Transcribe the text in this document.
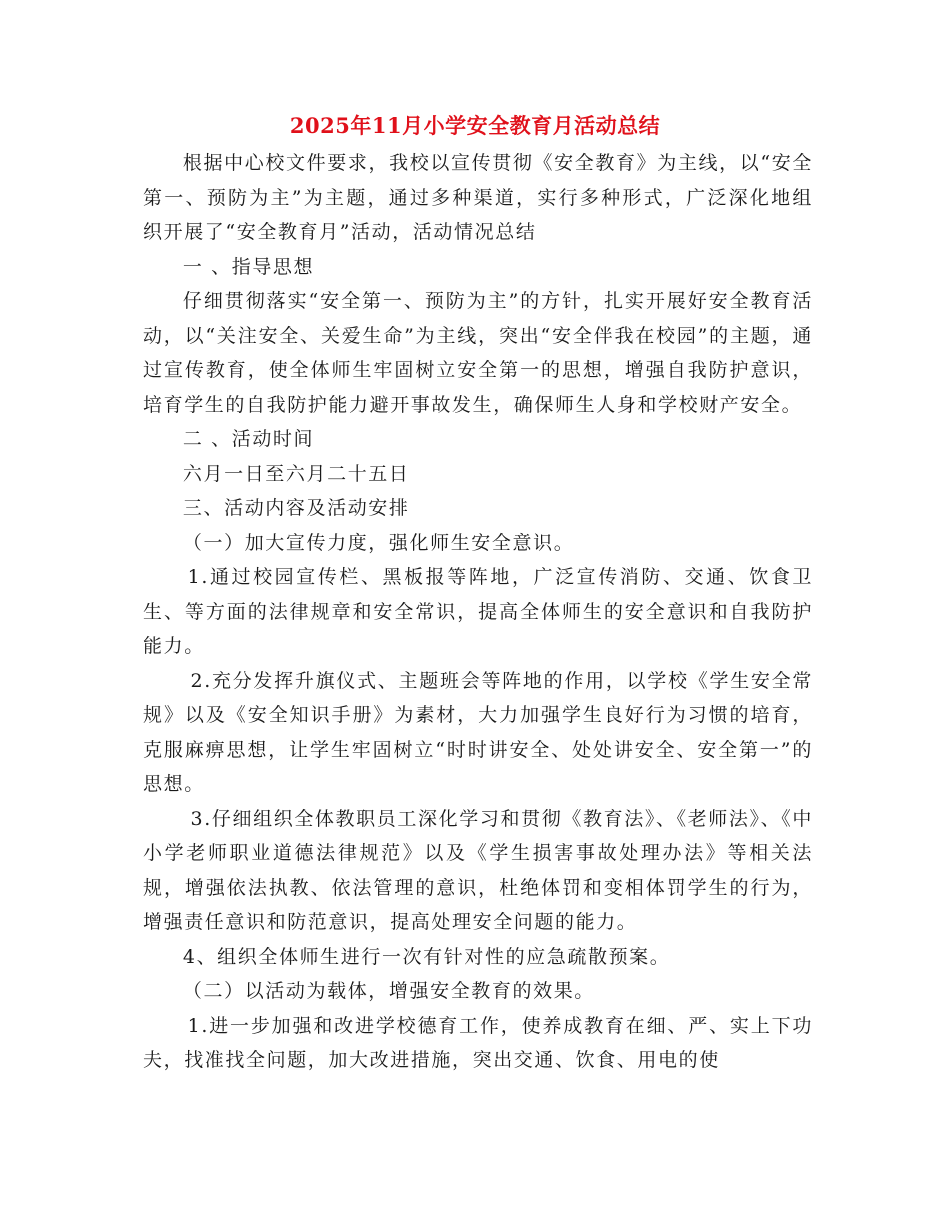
2025年11月小学安全教育月活动总结

根据中心校文件要求，我校以宣传贯彻《安全教育》为主线，以“安全第一、预防为主”为主题，通过多种渠道，实行多种形式，广泛深化地组织开展了“安全教育月”活动，活动情况总结

一 、指导思想

仔细贯彻落实“安全第一、预防为主”的方针，扎实开展好安全教育活动，以“关注安全、关爱生命”为主线，突出“安全伴我在校园”的主题，通过宣传教育，使全体师生牢固树立安全第一的思想，增强自我防护意识，培育学生的自我防护能力避开事故发生，确保师生人身和学校财产安全。

二 、活动时间

六月一日至六月二十五日

三、活动内容及活动安排

（一）加大宣传力度，强化师生安全意识。

1.通过校园宣传栏、黑板报等阵地，广泛宣传消防、交通、饮食卫生、等方面的法律规章和安全常识，提高全体师生的安全意识和自我防护能力。

2.充分发挥升旗仪式、主题班会等阵地的作用，以学校《学生安全常规》以及《安全知识手册》为素材，大力加强学生良好行为习惯的培育，克服麻痹思想，让学生牢固树立“时时讲安全、处处讲安全、安全第一”的思想。

3.仔细组织全体教职员工深化学习和贯彻《教育法》、《老师法》、《中小学老师职业道德法律规范》以及《学生损害事故处理办法》等相关法规，增强依法执教、依法管理的意识，杜绝体罚和变相体罚学生的行为，增强责任意识和防范意识，提高处理安全问题的能力。

4、组织全体师生进行一次有针对性的应急疏散预案。

（二）以活动为载体，增强安全教育的效果。

1.进一步加强和改进学校德育工作，使养成教育在细、严、实上下功夫，找准找全问题，加大改进措施，突出交通、饮食、用电的使
